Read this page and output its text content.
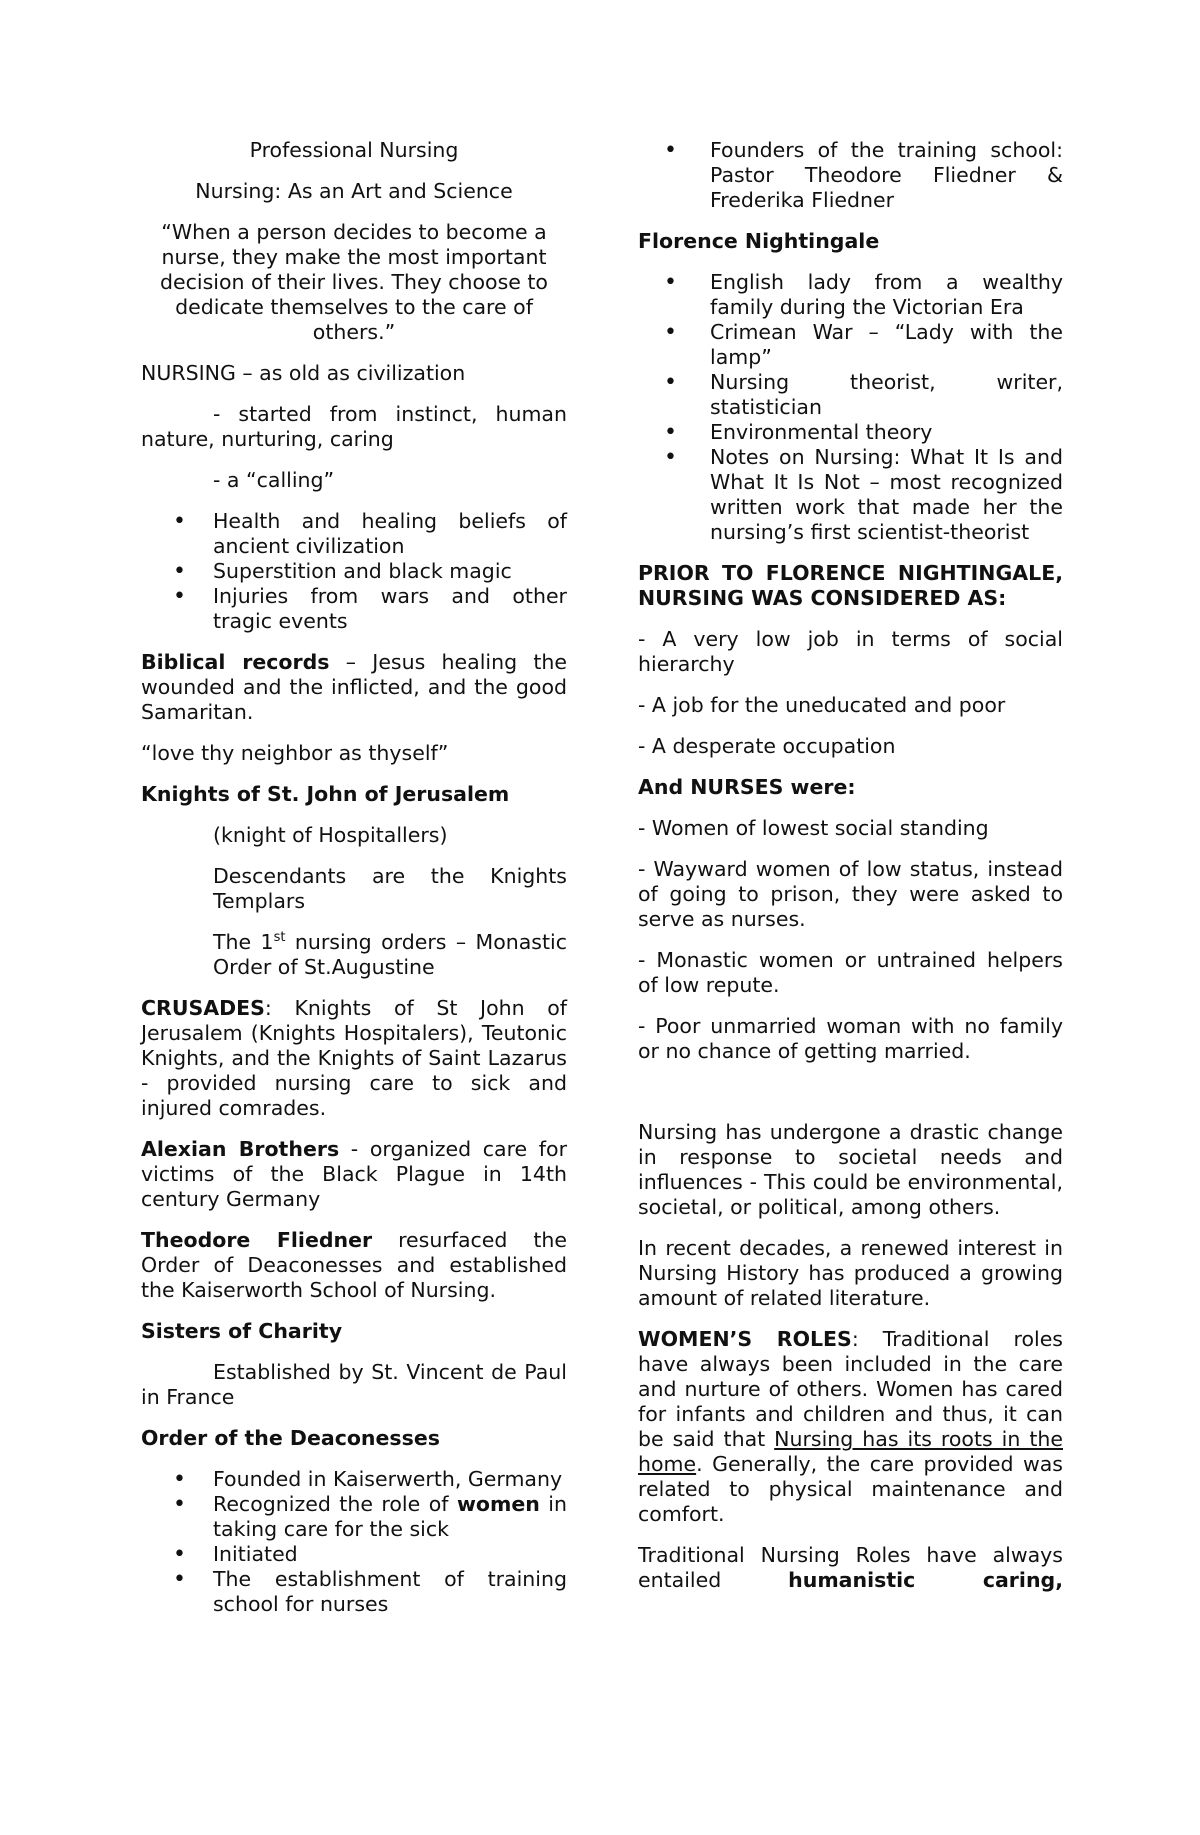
Professional Nursing

Nursing: As an Art and Science

“When a person decides to become a nurse, they make the most important decision of their lives. They choose to dedicate themselves to the care of others.”

NURSING – as old as civilization

- started from instinct, human nature, nurturing, caring

- a “calling”

• Health and healing beliefs of ancient civilization
• Superstition and black magic
• Injuries from wars and other tragic events

Biblical records – Jesus healing the wounded and the inflicted, and the good Samaritan.

“love thy neighbor as thyself”

Knights of St. John of Jerusalem

(knight of Hospitallers)

Descendants are the Knights Templars

The 1st nursing orders – Monastic Order of St.Augustine

CRUSADES: Knights of St John of Jerusalem (Knights Hospitalers), Teutonic Knights, and the Knights of Saint Lazarus - provided nursing care to sick and injured comrades.

Alexian Brothers - organized care for victims of the Black Plague in 14th century Germany

Theodore Fliedner resurfaced the Order of Deaconesses and established the Kaiserworth School of Nursing.

Sisters of Charity

Established by St. Vincent de Paul in France

Order of the Deaconesses

• Founded in Kaiserwerth, Germany
• Recognized the role of women in taking care for the sick
• Initiated
• The establishment of training school for nurses
• Founders of the training school: Pastor Theodore Fliedner & Frederika Fliedner

Florence Nightingale

• English lady from a wealthy family during the Victorian Era
• Crimean War – “Lady with the lamp”
• Nursing theorist, writer, statistician
• Environmental theory
• Notes on Nursing: What It Is and What It Is Not – most recognized written work that made her the nursing’s first scientist-theorist

PRIOR TO FLORENCE NIGHTINGALE, NURSING WAS CONSIDERED AS:

- A very low job in terms of social hierarchy

- A job for the uneducated and poor

- A desperate occupation

And NURSES were:

- Women of lowest social standing

- Wayward women of low status, instead of going to prison, they were asked to serve as nurses.

- Monastic women or untrained helpers of low repute.

- Poor unmarried woman with no family or no chance of getting married.

Nursing has undergone a drastic change in response to societal needs and influences - This could be environmental, societal, or political, among others.

In recent decades, a renewed interest in Nursing History has produced a growing amount of related literature.

WOMEN’S ROLES: Traditional roles have always been included in the care and nurture of others. Women has cared for infants and children and thus, it can be said that Nursing has its roots in the home. Generally, the care provided was related to physical maintenance and comfort.

Traditional Nursing Roles have always entailed humanistic caring,
